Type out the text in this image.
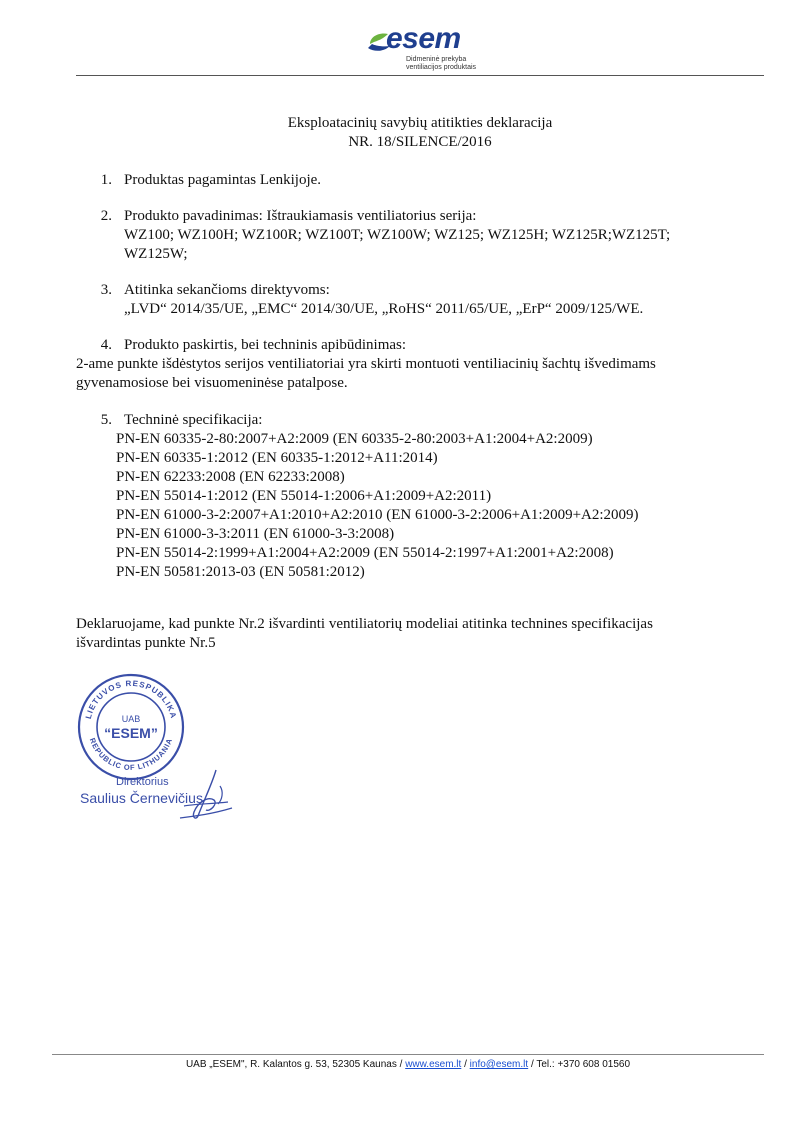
esem
Didmeninė prekyba
ventiliacijos produktais
Eksploatacinių savybių atitikties deklaracija
NR. 18/SILENCE/2016
1. Produktas pagamintas Lenkijoje.
2. Produkto pavadinimas: Ištraukiamasis ventiliatorius serija:
WZ100; WZ100H; WZ100R; WZ100T; WZ100W; WZ125; WZ125H; WZ125R;WZ125T;
WZ125W;
3. Atitinka sekančioms direktyvoms:
„LVD“ 2014/35/UE, „EMC“ 2014/30/UE, „RoHS“ 2011/65/UE, „ErP“ 2009/125/WE.
4. Produkto paskirtis, bei techninis apibūdinimas:
2-ame punkte išdėstytos serijos ventiliatoriai yra skirti montuoti ventiliacinių šachtų išvedimams
gyvenamosiose bei visuomeninėse patalpose.
5. Techninė specifikacija:
PN-EN 60335-2-80:2007+A2:2009 (EN 60335-2-80:2003+A1:2004+A2:2009)
PN-EN 60335-1:2012 (EN 60335-1:2012+A11:2014)
PN-EN 62233:2008 (EN 62233:2008)
PN-EN 55014-1:2012 (EN 55014-1:2006+A1:2009+A2:2011)
PN-EN 61000-3-2:2007+A1:2010+A2:2010 (EN 61000-3-2:2006+A1:2009+A2:2009)
PN-EN 61000-3-3:2011 (EN 61000-3-3:2008)
PN-EN 55014-2:1999+A1:2004+A2:2009 (EN 55014-2:1997+A1:2001+A2:2008)
PN-EN 50581:2013-03 (EN 50581:2012)
Deklaruojame, kad punkte Nr.2 išvardinti ventiliatorių modeliai atitinka technines specifikacijas
išvardintas punkte Nr.5
LIETUVOS RESPUBLIKA
REPUBLIC OF LITHUANIA
UAB
“ESEM”
Direktorius
Saulius Černevičius
UAB „ESEM", R. Kalantos g. 53, 52305 Kaunas / www.esem.lt / info@esem.lt / Tel.: +370 608 01560
